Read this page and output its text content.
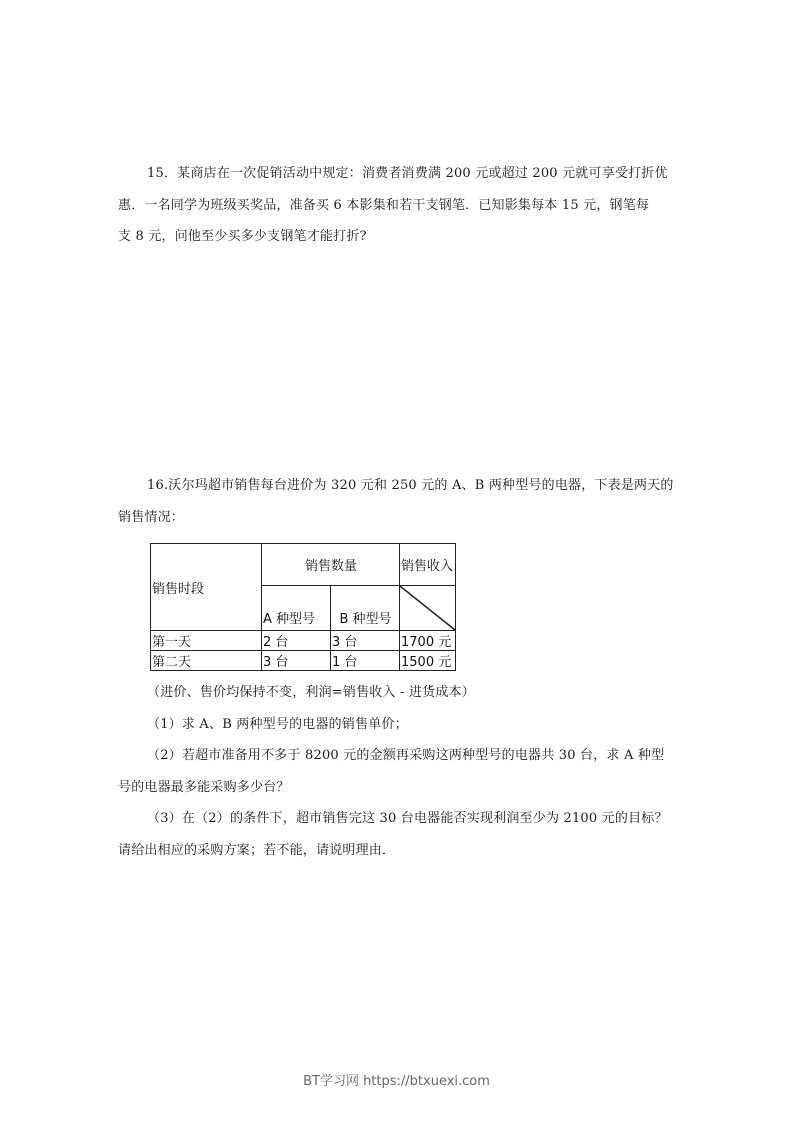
15．某商店在一次促销活动中规定：消费者消费满 200 元或超过 200 元就可享受打折优
惠．一名同学为班级买奖品，准备买 6 本影集和若干支钢笔．已知影集每本 15 元，钢笔每
支 8 元，问他至少买多少支钢笔才能打折?
16.沃尔玛超市销售每台进价为 320 元和 250 元的 A、B 两种型号的电器，下表是两天的
销售情况：
销售时段	销售数量		销售收入
	A 种型号	B 种型号	

第一天	2 台	3 台	1700 元
第二天	3 台	1 台	1500 元
（进价、售价均保持不变，利润=销售收入 - 进货成本）
（1）求 A、B 两种型号的电器的销售单价；
（2）若超市准备用不多于 8200 元的金额再采购这两种型号的电器共 30 台，求 A 种型
号的电器最多能采购多少台？
（3）在（2）的条件下，超市销售完这 30 台电器能否实现利润至少为 2100 元的目标？
请给出相应的采购方案；若不能，请说明理由．
BT学习网 https://btxuexi.com
